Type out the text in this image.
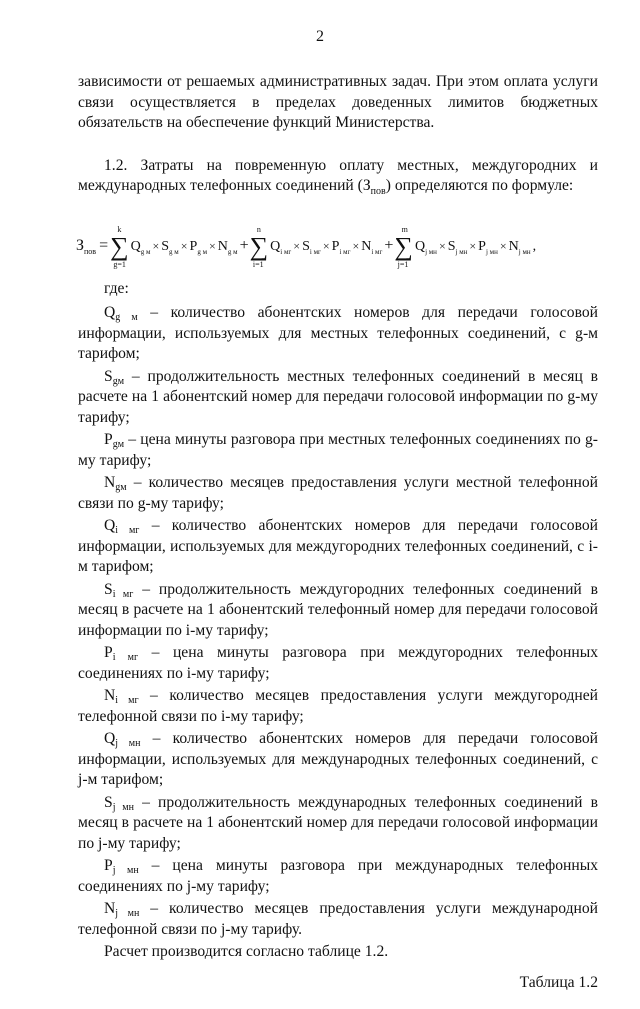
2

зависимости от решаемых административных задач. При этом оплата услуги связи осуществляется в пределах доведенных лимитов бюджетных обязательств на обеспечение функций Министерства.

1.2. Затраты на повременную оплату местных, междугородних и международных телефонных соединений $(З_{пов})$ определяются по формуле:

З пов = ∑
k
g=1
Q g м × S g м × P g м × N g м + ∑
n
i=1
Q i мг × S i мг × P i мг × N i мг + ∑
m
j=1
Q j мн × S j мн × P j мн × N j мн ,

где:

$Q_{g м}$ – количество абонентских номеров для передачи голосовой информации, используемых для местных телефонных соединений, с g-м тарифом;

$S_{gм}$ – продолжительность местных телефонных соединений в месяц в расчете на 1 абонентский номер для передачи голосовой информации по g-му тарифу;

$P_{gм}$ – цена минуты разговора при местных телефонных соединениях по g-му тарифу;

$N_{gм}$ – количество месяцев предоставления услуги местной телефонной связи по g-му тарифу;

$Q_{i мг}$ – количество абонентских номеров для передачи голосовой информации, используемых для междугородних телефонных соединений, с i-м тарифом;

$S_{i мг}$ – продолжительность междугородних телефонных соединений в месяц в расчете на 1 абонентский телефонный номер для передачи голосовой информации по i-му тарифу;

$P_{i мг}$ – цена минуты разговора при междугородних телефонных соединениях по i-му тарифу;

$N_{i мг}$ – количество месяцев предоставления услуги междугородней телефонной связи по i-му тарифу;

$Q_{j мн}$ – количество абонентских номеров для передачи голосовой информации, используемых для международных телефонных соединений, с j-м тарифом;

$S_{j мн}$ – продолжительность международных телефонных соединений в месяц в расчете на 1 абонентский номер для передачи голосовой информации по j-му тарифу;

$P_{j мн}$ – цена минуты разговора при международных телефонных соединениях по j-му тарифу;

$N_{j мн}$ – количество месяцев предоставления услуги международной телефонной связи по j-му тарифу.

Расчет производится согласно таблице 1.2.

Таблица 1.2
